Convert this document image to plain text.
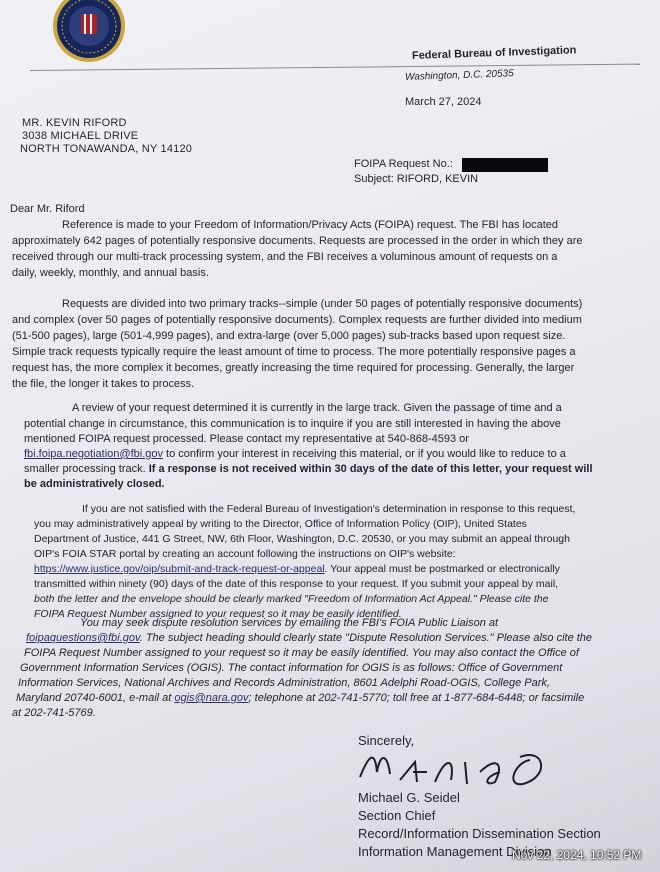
Federal Bureau of Investigation
Washington, D.C. 20535
March 27, 2024
MR. KEVIN RIFORD
3038 MICHAEL DRIVE
NORTH TONAWANDA, NY 14120
FOIPA Request No.:
Subject: RIFORD, KEVIN
Dear Mr. Riford
Reference is made to your Freedom of Information/Privacy Acts (FOIPA) request. The FBI has located
approximately 642 pages of potentially responsive documents. Requests are processed in the order in which they are
received through our multi-track processing system, and the FBI receives a voluminous amount of requests on a
daily, weekly, monthly, and annual basis.
Requests are divided into two primary tracks--simple (under 50 pages of potentially responsive documents)
and complex (over 50 pages of potentially responsive documents). Complex requests are further divided into medium
(51-500 pages), large (501-4,999 pages), and extra-large (over 5,000 pages) sub-tracks based upon request size.
Simple track requests typically require the least amount of time to process. The more potentially responsive pages a
request has, the more complex it becomes, greatly increasing the time required for processing. Generally, the larger
the file, the longer it takes to process.
A review of your request determined it is currently in the large track. Given the passage of time and a
potential change in circumstance, this communication is to inquire if you are still interested in having the above
mentioned FOIPA request processed. Please contact my representative at 540-868-4593 or
fbi.foipa.negotiation@fbi.gov to confirm your interest in receiving this material, or if you would like to reduce to a
smaller processing track. If a response is not received within 30 days of the date of this letter, your request will
be administratively closed.
If you are not satisfied with the Federal Bureau of Investigation's determination in response to this request,
you may administratively appeal by writing to the Director, Office of Information Policy (OIP), United States
Department of Justice, 441 G Street, NW, 6th Floor, Washington, D.C. 20530, or you may submit an appeal through
OIP's FOIA STAR portal by creating an account following the instructions on OIP's website:
https://www.justice.gov/oip/submit-and-track-request-or-appeal. Your appeal must be postmarked or electronically
transmitted within ninety (90) days of the date of this response to your request. If you submit your appeal by mail,
both the letter and the envelope should be clearly marked "Freedom of Information Act Appeal." Please cite the
FOIPA Request Number assigned to your request so it may be easily identified.
You may seek dispute resolution services by emailing the FBI's FOIA Public Liaison at
foipaquestions@fbi.gov. The subject heading should clearly state "Dispute Resolution Services." Please also cite the
FOIPA Request Number assigned to your request so it may be easily identified. You may also contact the Office of
Government Information Services (OGIS). The contact information for OGIS is as follows: Office of Government
Information Services, National Archives and Records Administration, 8601 Adelphi Road-OGIS, College Park,
Maryland 20740-6001, e-mail at ogis@nara.gov; telephone at 202-741-5770; toll free at 1-877-684-6448; or facsimile
at 202-741-5769.
Sincerely,
Michael G. Seidel
Section Chief
Record/Information Dissemination Section
Information Management Division
Nov 22, 2024, 10:52 PM
